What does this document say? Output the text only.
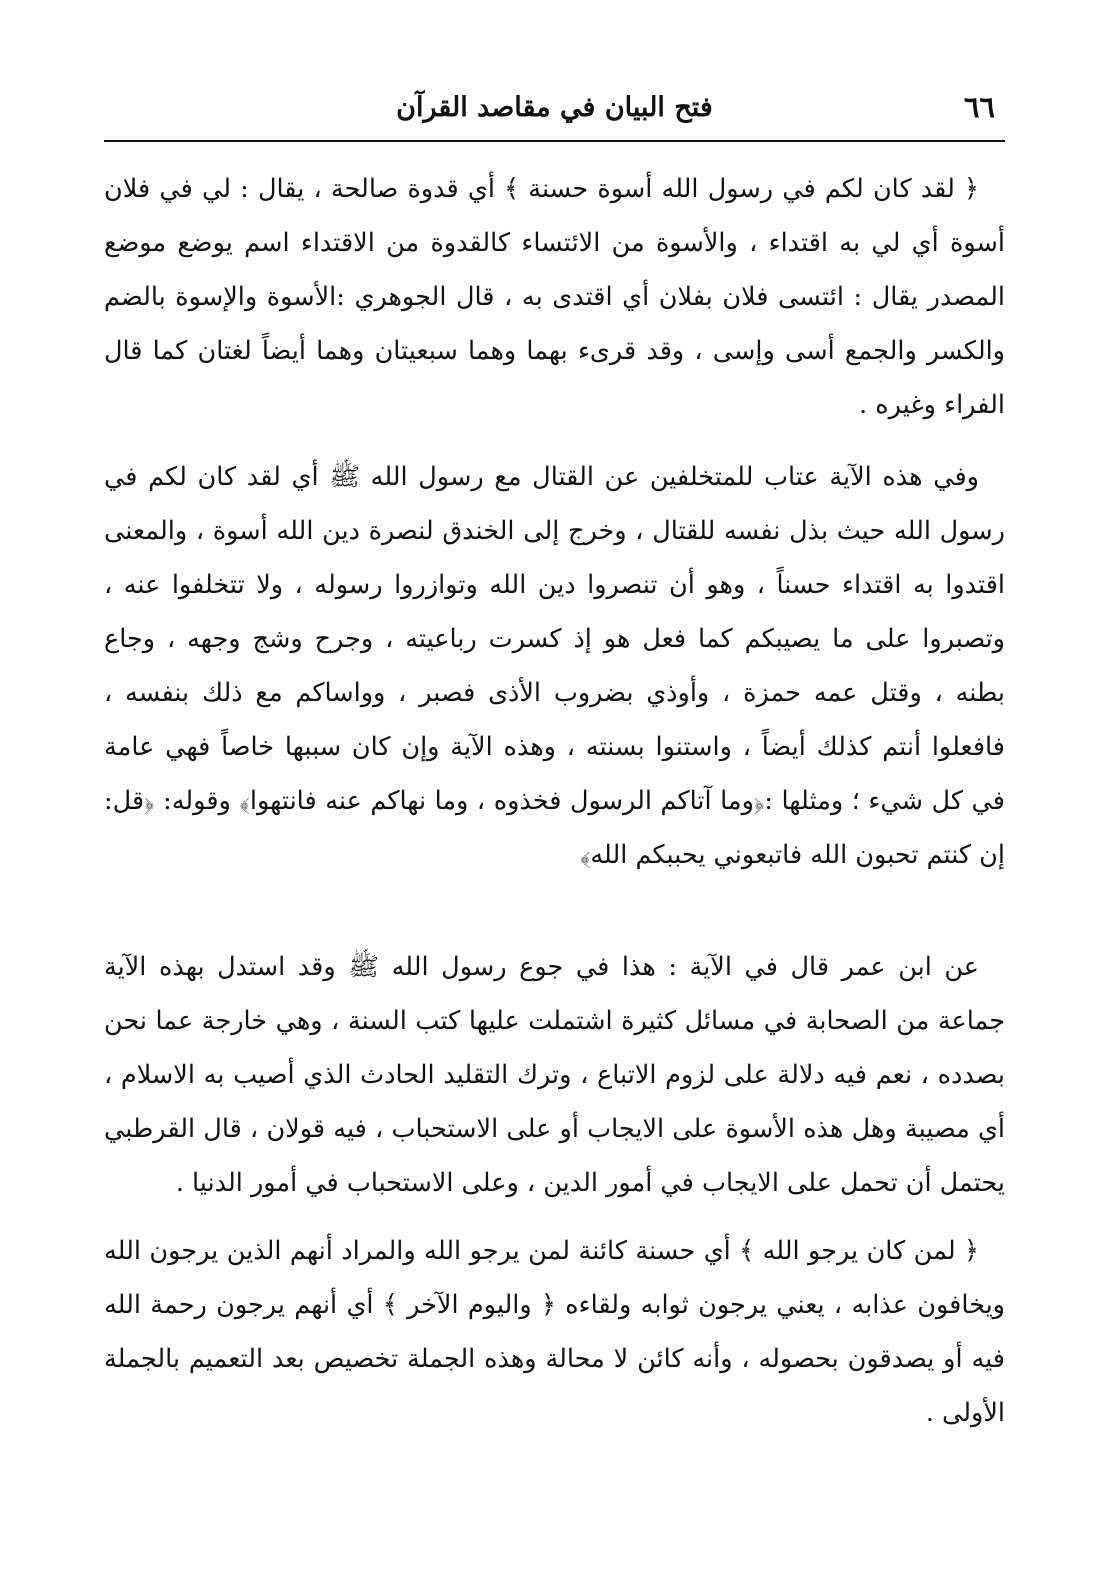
٦٦
فتح البيان في مقاصد القرآن

﴿ لقد كان لكم في رسول الله أسوة حسنة ﴾ أي قدوة صالحة ، يقال : لي في فلان أسوة أي لي به اقتداء ، والأسوة من الائتساء كالقدوة من الاقتداء اسم يوضع موضع المصدر يقال : ائتسى فلان بفلان أي اقتدى به ، قال الجوهري :الأسوة والإسوة بالضم والكسر والجمع أسى وإسى ، وقد قرىء بهما وهما سبعيتان وهما أيضاً لغتان كما قال الفراء وغيره .

وفي هذه الآية عتاب للمتخلفين عن القتال مع رسول الله ﷺ أي لقد كان لكم في رسول الله حيث بذل نفسه للقتال ، وخرج إلى الخندق لنصرة دين الله أسوة ، والمعنى اقتدوا به اقتداء حسناً ، وهو أن تنصروا دين الله وتوازروا رسوله ، ولا تتخلفوا عنه ، وتصبروا على ما يصيبكم كما فعل هو إذ كسرت رباعيته ، وجرح وشج وجهه ، وجاع بطنه ، وقتل عمه حمزة ، وأوذي بضروب الأذى فصبر ، وواساكم مع ذلك بنفسه ، فافعلوا أنتم كذلك أيضاً ، واستنوا بسنته ، وهذه الآية وإن كان سببها خاصاً فهي عامة في كل شيء ؛ ومثلها :﴿وما آتاكم الرسول فخذوه ، وما نهاكم عنه فانتهوا﴾ وقوله: ﴿قل: إن كنتم تحبون الله فاتبعوني يحببكم الله﴾

عن ابن عمر قال في الآية : هذا في جوع رسول الله ﷺ وقد استدل بهذه الآية جماعة من الصحابة في مسائل كثيرة اشتملت عليها كتب السنة ، وهي خارجة عما نحن بصدده ، نعم فيه دلالة على لزوم الاتباع ، وترك التقليد الحادث الذي أصيب به الاسلام ، أي مصيبة وهل هذه الأسوة على الايجاب أو على الاستحباب ، فيه قولان ، قال القرطبي يحتمل أن تحمل على الايجاب في أمور الدين ، وعلى الاستحباب في أمور الدنيا .

﴿ لمن كان يرجو الله ﴾ أي حسنة كائنة لمن يرجو الله والمراد أنهم الذين يرجون الله ويخافون عذابه ، يعني يرجون ثوابه ولقاءه ﴿ واليوم الآخر ﴾ أي أنهم يرجون رحمة الله فيه أو يصدقون بحصوله ، وأنه كائن لا محالة وهذه الجملة تخصيص بعد التعميم بالجملة الأولى .
